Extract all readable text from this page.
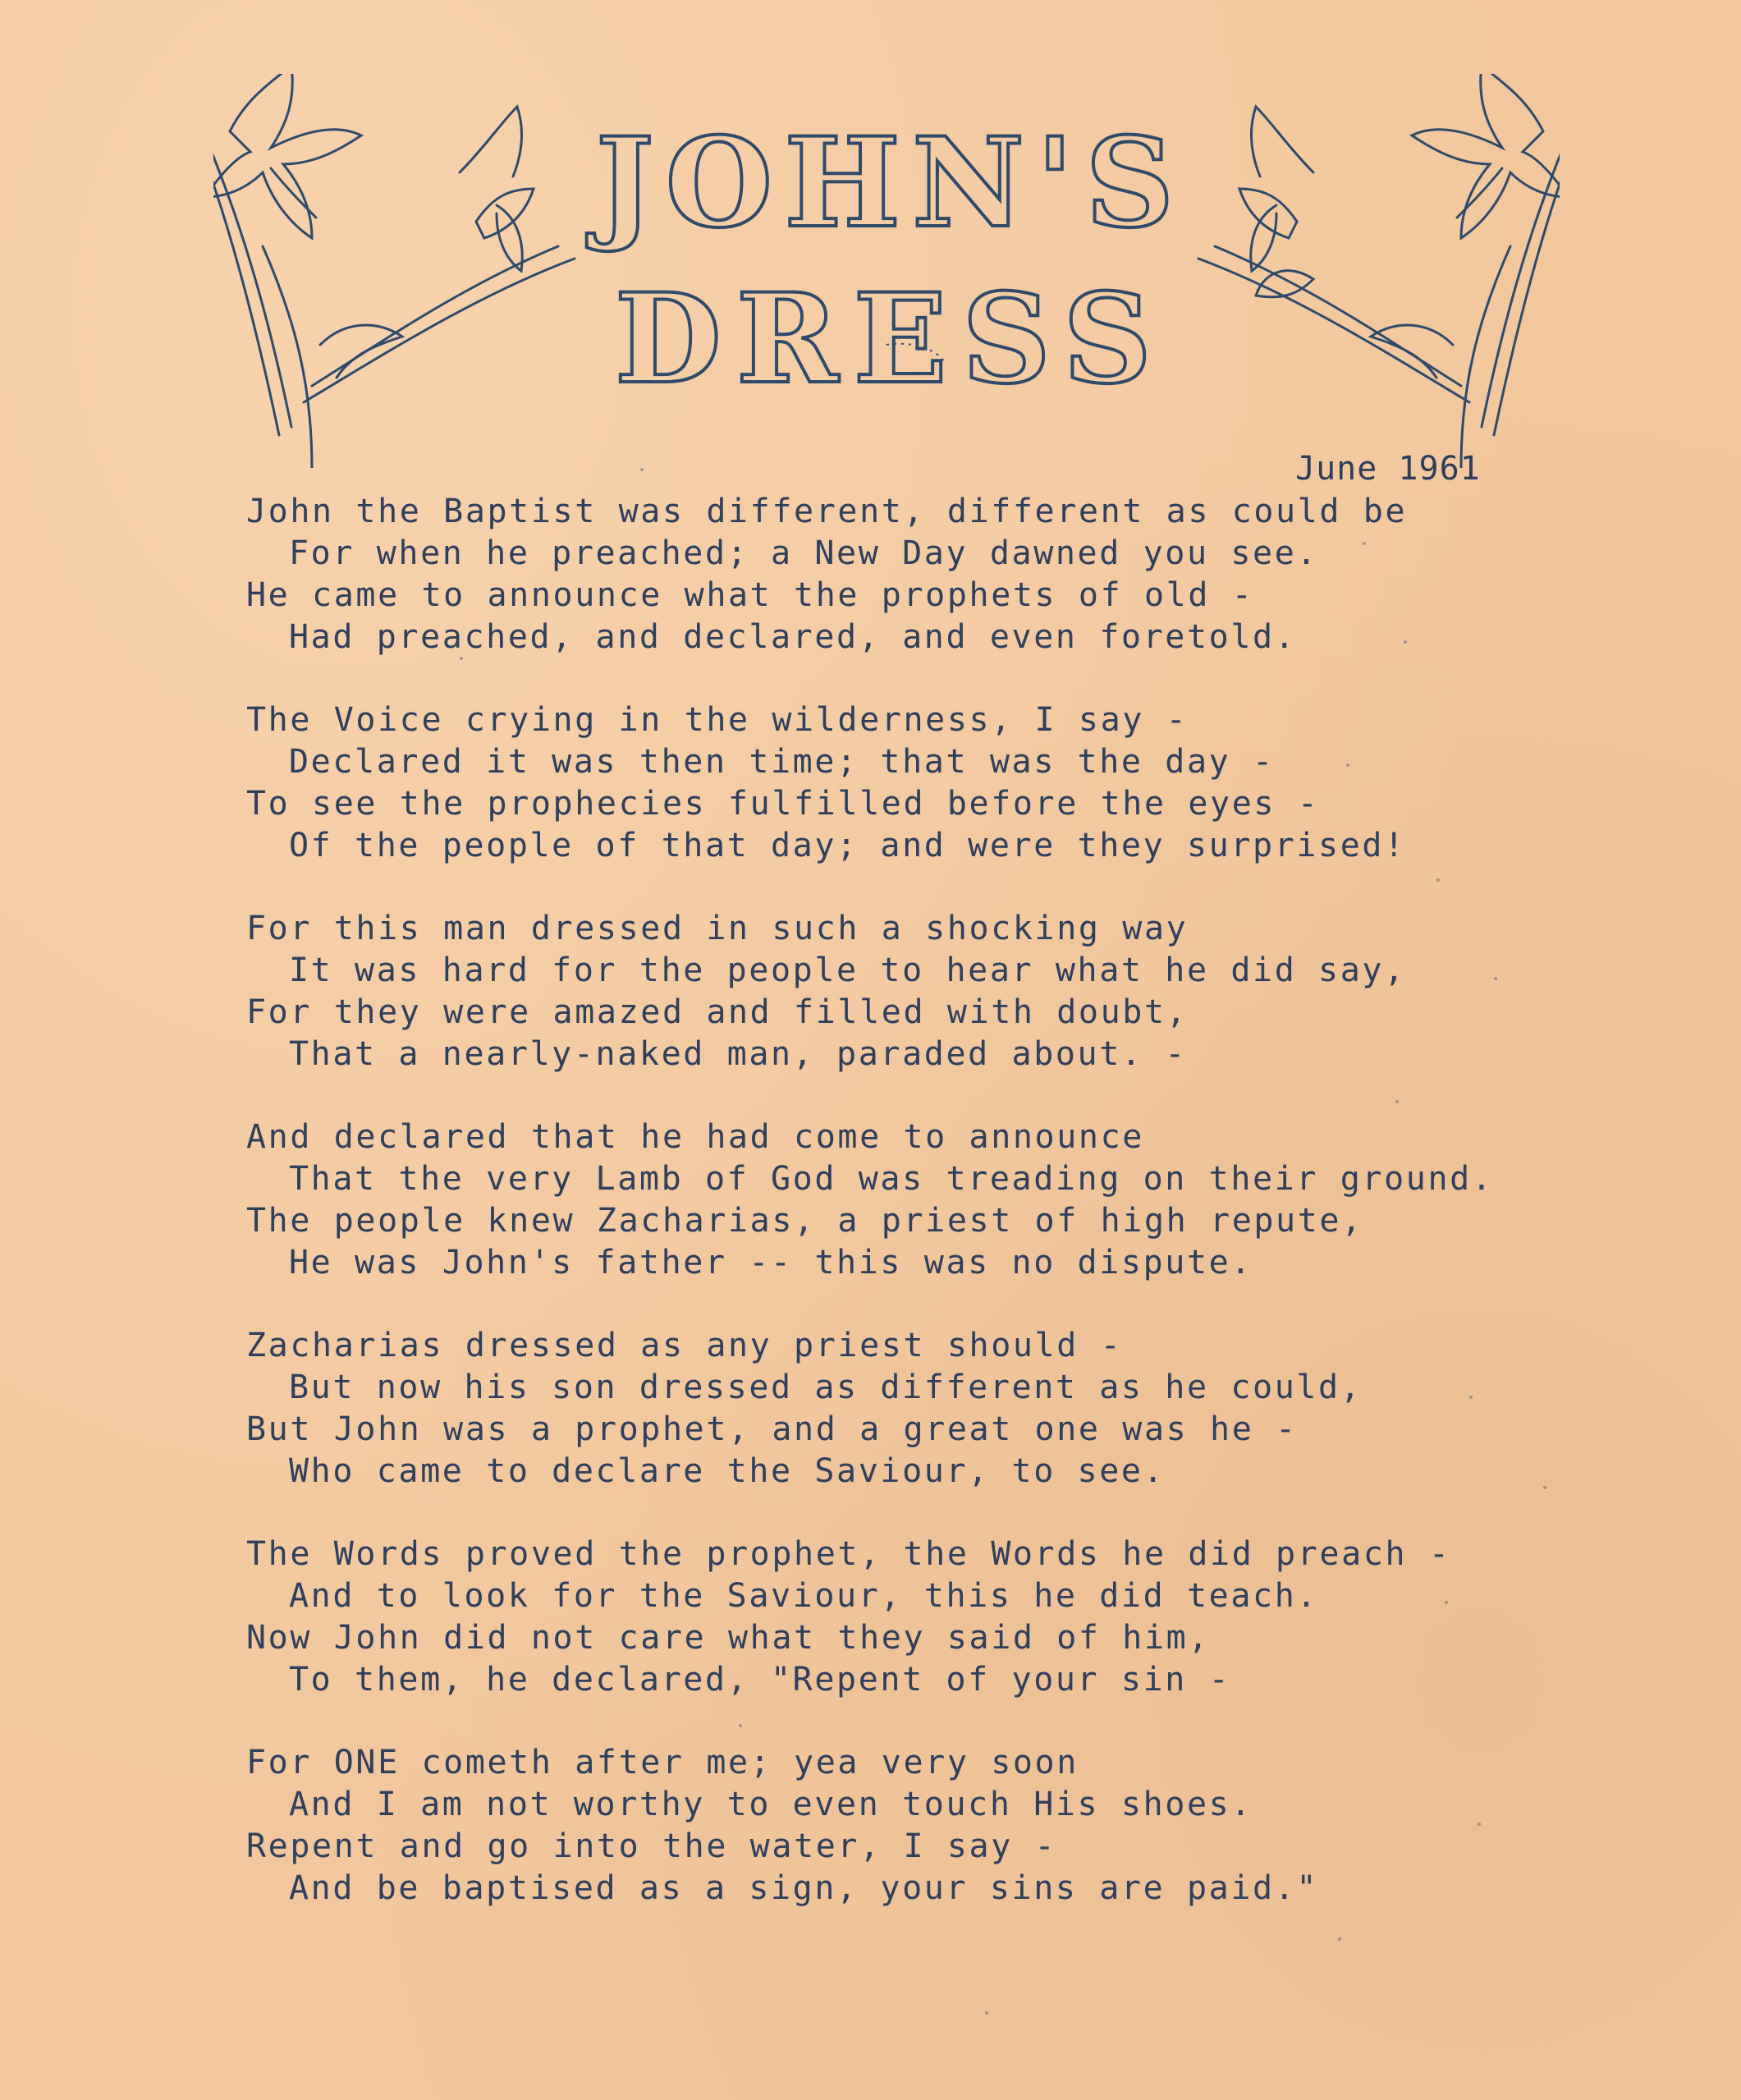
JOHN'S
DRESS
June 1961
John the Baptist was different, different as could be
For when he preached; a New Day dawned you see.
He came to announce what the prophets of old -
Had preached, and declared, and even foretold.
The Voice crying in the wilderness, I say -
Declared it was then time; that was the day -
To see the prophecies fulfilled before the eyes -
Of the people of that day; and were they surprised!
For this man dressed in such a shocking way
It was hard for the people to hear what he did say,
For they were amazed and filled with doubt,
That a nearly-naked man, paraded about. -
And declared that he had come to announce
That the very Lamb of God was treading on their ground.
The people knew Zacharias, a priest of high repute,
He was John's father -- this was no dispute.
Zacharias dressed as any priest should -
But now his son dressed as different as he could,
But John was a prophet, and a great one was he -
Who came to declare the Saviour, to see.
The Words proved the prophet, the Words he did preach -
And to look for the Saviour, this he did teach.
Now John did not care what they said of him,
To them, he declared, "Repent of your sin -
For ONE cometh after me; yea very soon
And I am not worthy to even touch His shoes.
Repent and go into the water, I say -
And be baptised as a sign, your sins are paid."
